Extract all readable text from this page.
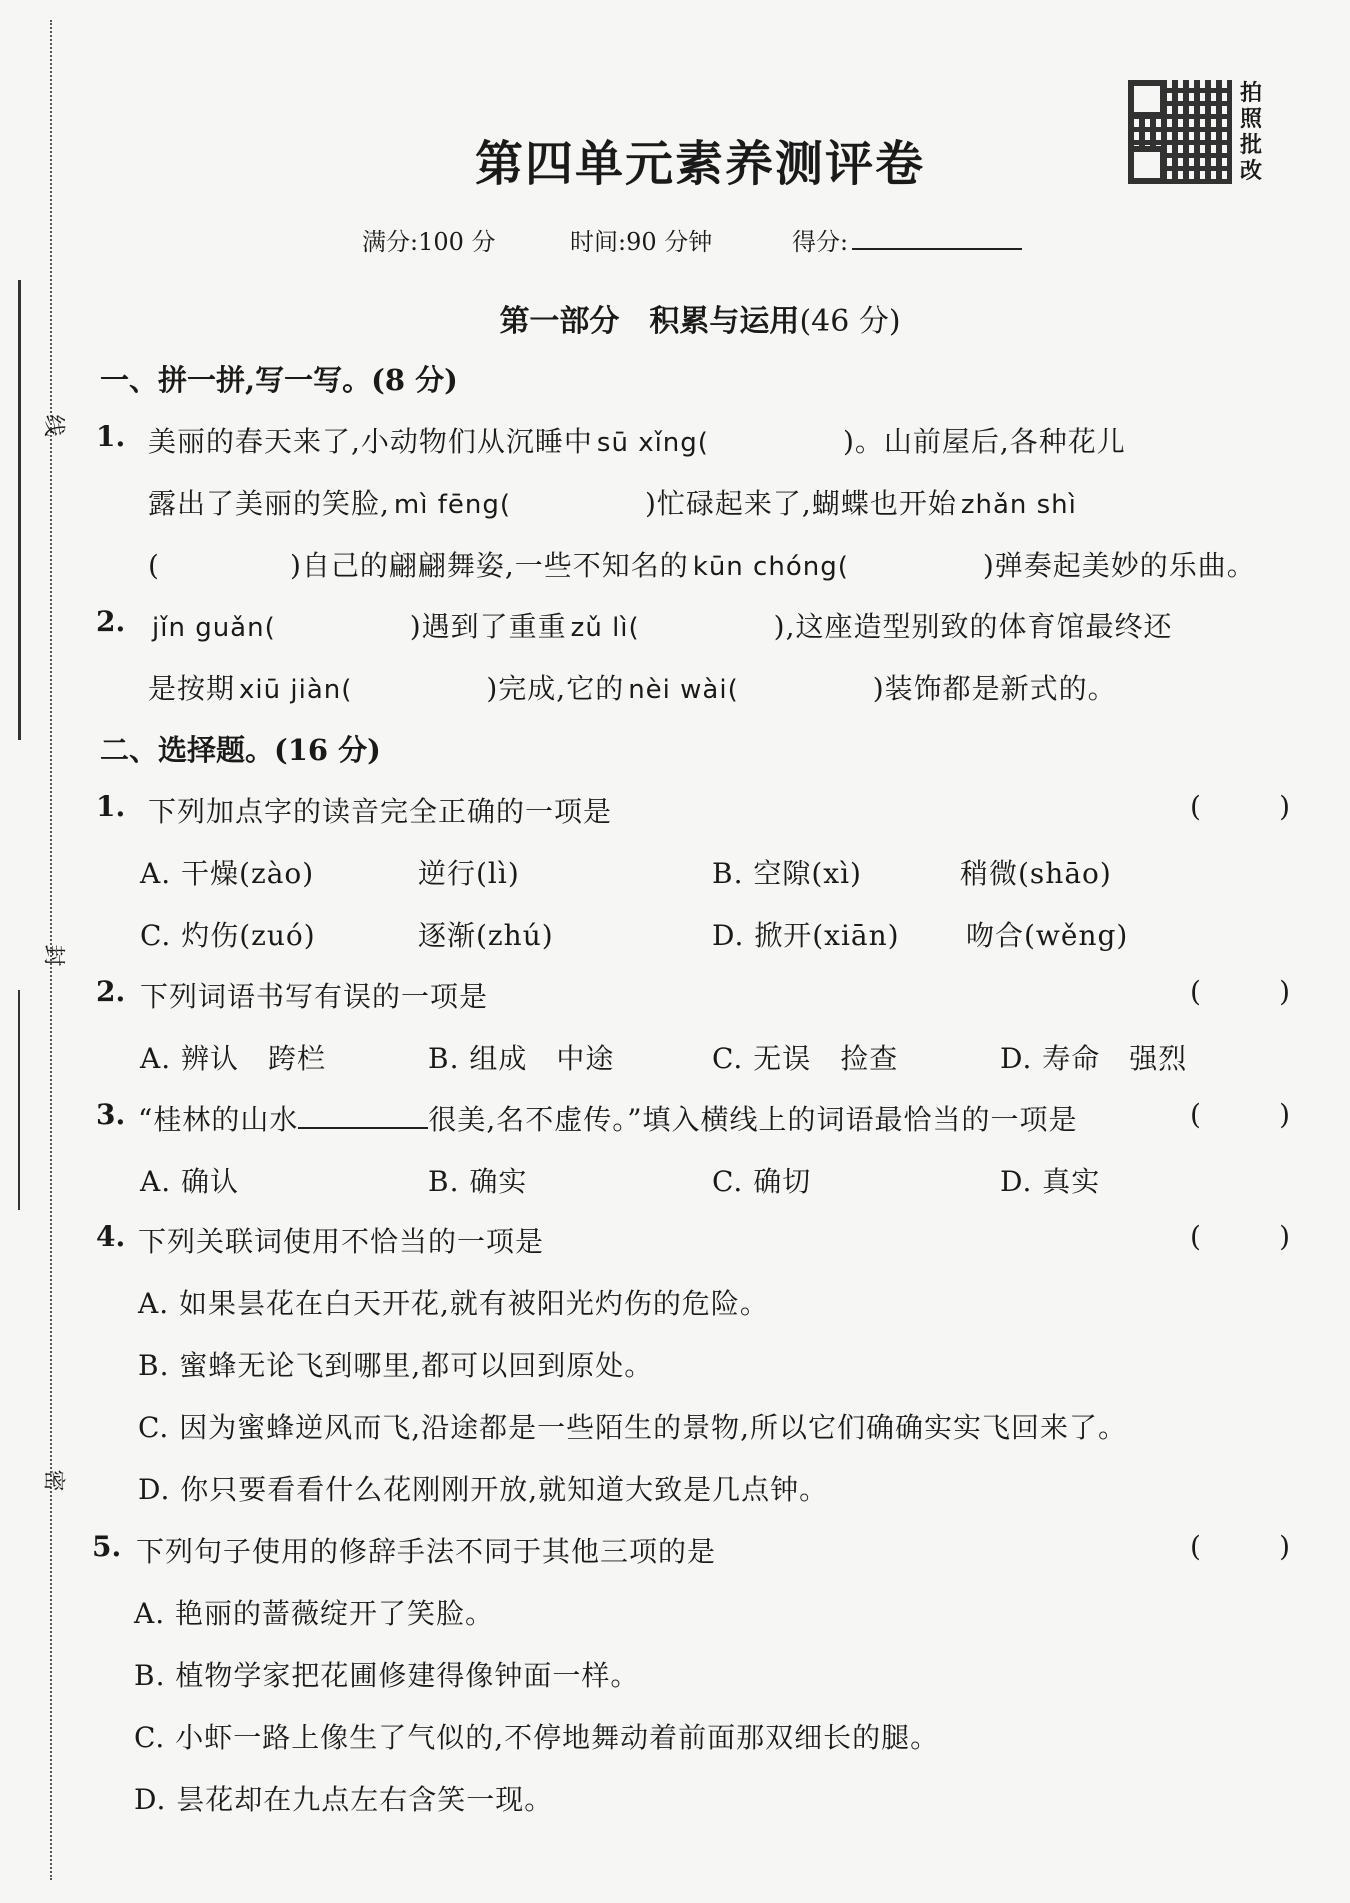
线
封
密
拍照批改
第四单元素养测评卷
满分:100 分	时间:90 分钟	得分:
第一部分　积累与运用(46 分)
一、拼一拼,写一写。(8 分)
1. 美丽的春天来了,小动物们从沉睡中 sū xǐng(	)。山前屋后,各种花儿
露出了美丽的笑脸, mì fēng(	)忙碌起来了,蝴蝶也开始 zhǎn shì
(	)自己的翩翩舞姿,一些不知名的 kūn chóng(	)弹奏起美妙的乐曲。
2. jǐn guǎn(	)遇到了重重 zǔ lì(	),这座造型别致的体育馆最终还
是按期 xiū jiàn(	)完成,它的 nèi wài(	)装饰都是新式的。
二、选择题。(16 分)
1. 下列加点字的读音完全正确的一项是	(	)
A. 干燥(zào)	逆行(lì)	B. 空隙(xì)	稍微(shāo)
C. 灼伤(zuó)	逐渐(zhú)	D. 掀开(xiān) 吻合(wěng)
2. 下列词语书写有误的一项是	(	)
A. 辨认　跨栏	B. 组成　中途	C. 无误　捡查	D. 寿命　强烈
3. “桂林的山水	很美,名不虚传。”填入横线上的词语最恰当的一项是	(	)
A. 确认	B. 确实	C. 确切	D. 真实
4. 下列关联词使用不恰当的一项是	(	)
A. 如果昙花在白天开花,就有被阳光灼伤的危险。
B. 蜜蜂无论飞到哪里,都可以回到原处。
C. 因为蜜蜂逆风而飞,沿途都是一些陌生的景物,所以它们确确实实飞回来了。
D. 你只要看看什么花刚刚开放,就知道大致是几点钟。
5. 下列句子使用的修辞手法不同于其他三项的是	(	)
A. 艳丽的蔷薇绽开了笑脸。
B. 植物学家把花圃修建得像钟面一样。
C. 小虾一路上像生了气似的,不停地舞动着前面那双细长的腿。
D. 昙花却在九点左右含笑一现。
